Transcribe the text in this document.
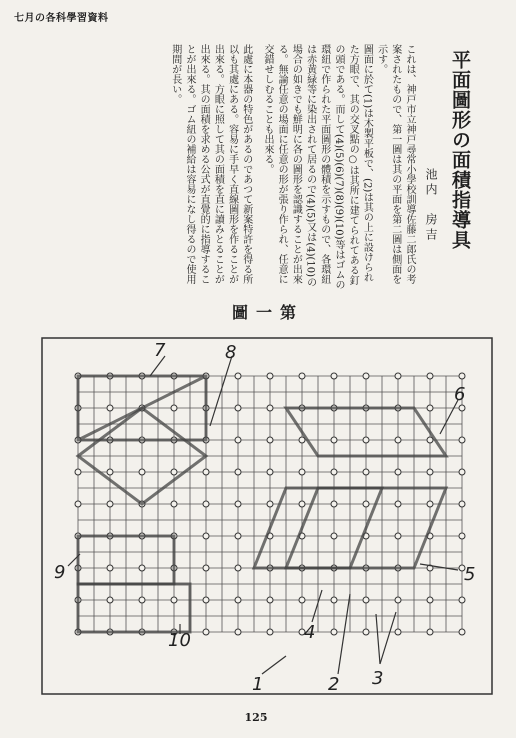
七月の各科學習資料
平面圖形の面積指導具
池内　房吉

これは、神戸市立神戸尋常小學校訓導佐藤二郎氏の考案されたもので、第一圖は其の平面を第二圖は側面を示す。

圖面に於て(1)は木製平板で、(2)は其の上に設けられた方眼で、其の交叉點の○は其所に建てられてある釘の頭である。而して(4)(5)(6)(7)(8)(9)(10)等はゴムの環紐で作られた平面圖形の體積を示すもので、各環紐は赤黄緑等に染出されて居るので(4)(5)又は(4)(10)の場合の如きでも鮮明に各の圖形を認識することが出來る。無論任意の場面に任意の形が張り作られ、任意に交錯せしむることも出來る。

此處に本器の特色があるのであつて新案特許を得る所以も其處にある。容易に手早く直線圖形を作ることが出來る。方眼に照して其の面積を直に讀みとることが出來る。其の面積を求める公式が直覺的に指導することが出來る。ゴム紐の補給は容易になし得るので使用期間が長い。

圖一第
7	8
6
9	5
10	4
1	2 3
125
